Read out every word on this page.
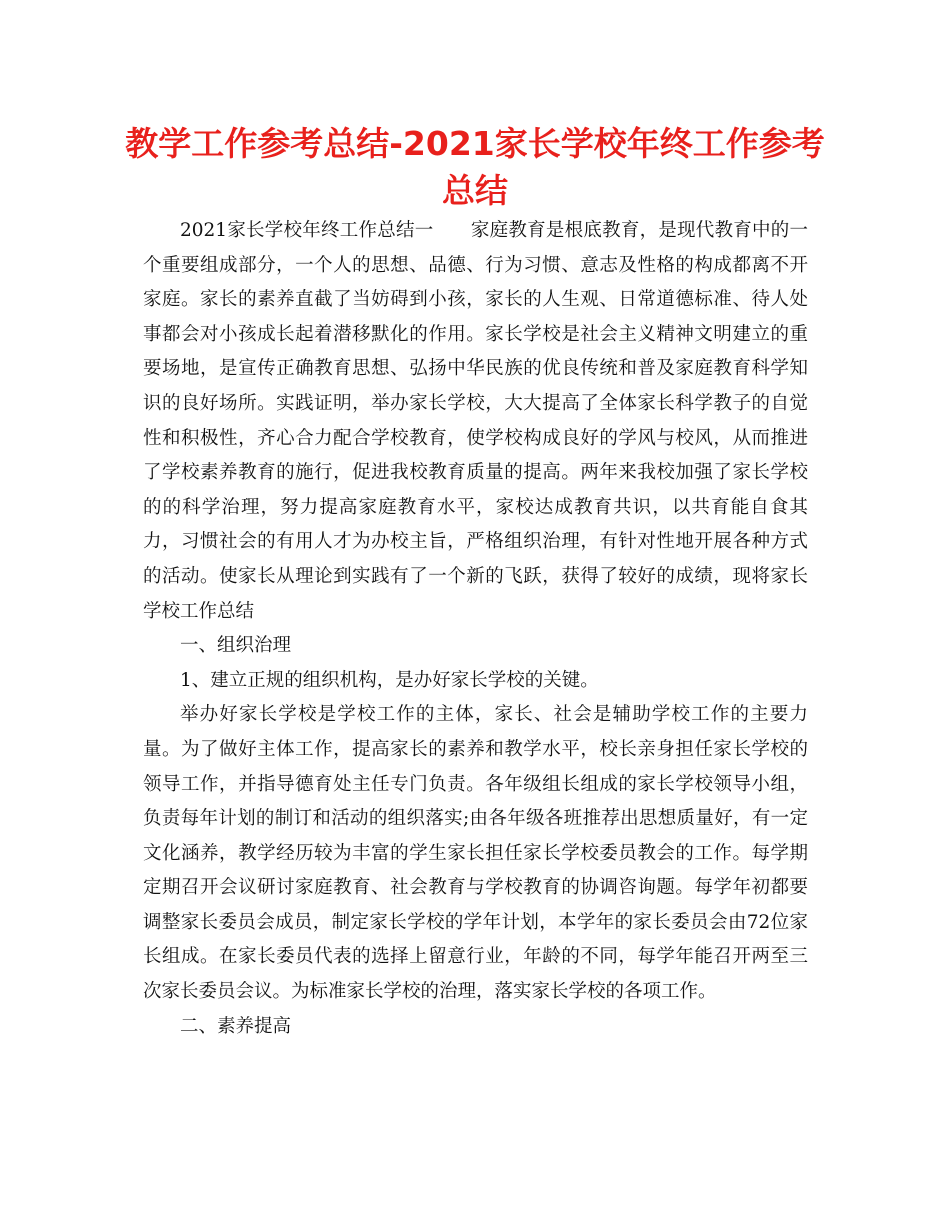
教学工作参考总结-2021家长学校年终工作参考总结

2021家长学校年终工作总结一　　家庭教育是根底教育，是现代教育中的一个重要组成部分，一个人的思想、品德、行为习惯、意志及性格的构成都离不开家庭。家长的素养直截了当妨碍到小孩，家长的人生观、日常道德标准、待人处事都会对小孩成长起着潜移默化的作用。家长学校是社会主义精神文明建立的重要场地，是宣传正确教育思想、弘扬中华民族的优良传统和普及家庭教育科学知识的良好场所。实践证明，举办家长学校，大大提高了全体家长科学教子的自觉性和积极性，齐心合力配合学校教育，使学校构成良好的学风与校风，从而推进了学校素养教育的施行，促进我校教育质量的提高。两年来我校加强了家长学校的的科学治理，努力提高家庭教育水平，家校达成教育共识，以共育能自食其力，习惯社会的有用人才为办校主旨，严格组织治理，有针对性地开展各种方式的活动。使家长从理论到实践有了一个新的飞跃，获得了较好的成绩，现将家长学校工作总结

一、组织治理

1、建立正规的组织机构，是办好家长学校的关键。

举办好家长学校是学校工作的主体，家长、社会是辅助学校工作的主要力量。为了做好主体工作，提高家长的素养和教学水平，校长亲身担任家长学校的领导工作，并指导德育处主任专门负责。各年级组长组成的家长学校领导小组，负责每年计划的制订和活动的组织落实;由各年级各班推荐出思想质量好，有一定文化涵养，教学经历较为丰富的学生家长担任家长学校委员教会的工作。每学期定期召开会议研讨家庭教育、社会教育与学校教育的协调咨询题。每学年初都要调整家长委员会成员，制定家长学校的学年计划，本学年的家长委员会由72位家长组成。在家长委员代表的选择上留意行业，年龄的不同，每学年能召开两至三次家长委员会议。为标准家长学校的治理，落实家长学校的各项工作。

二、素养提高
